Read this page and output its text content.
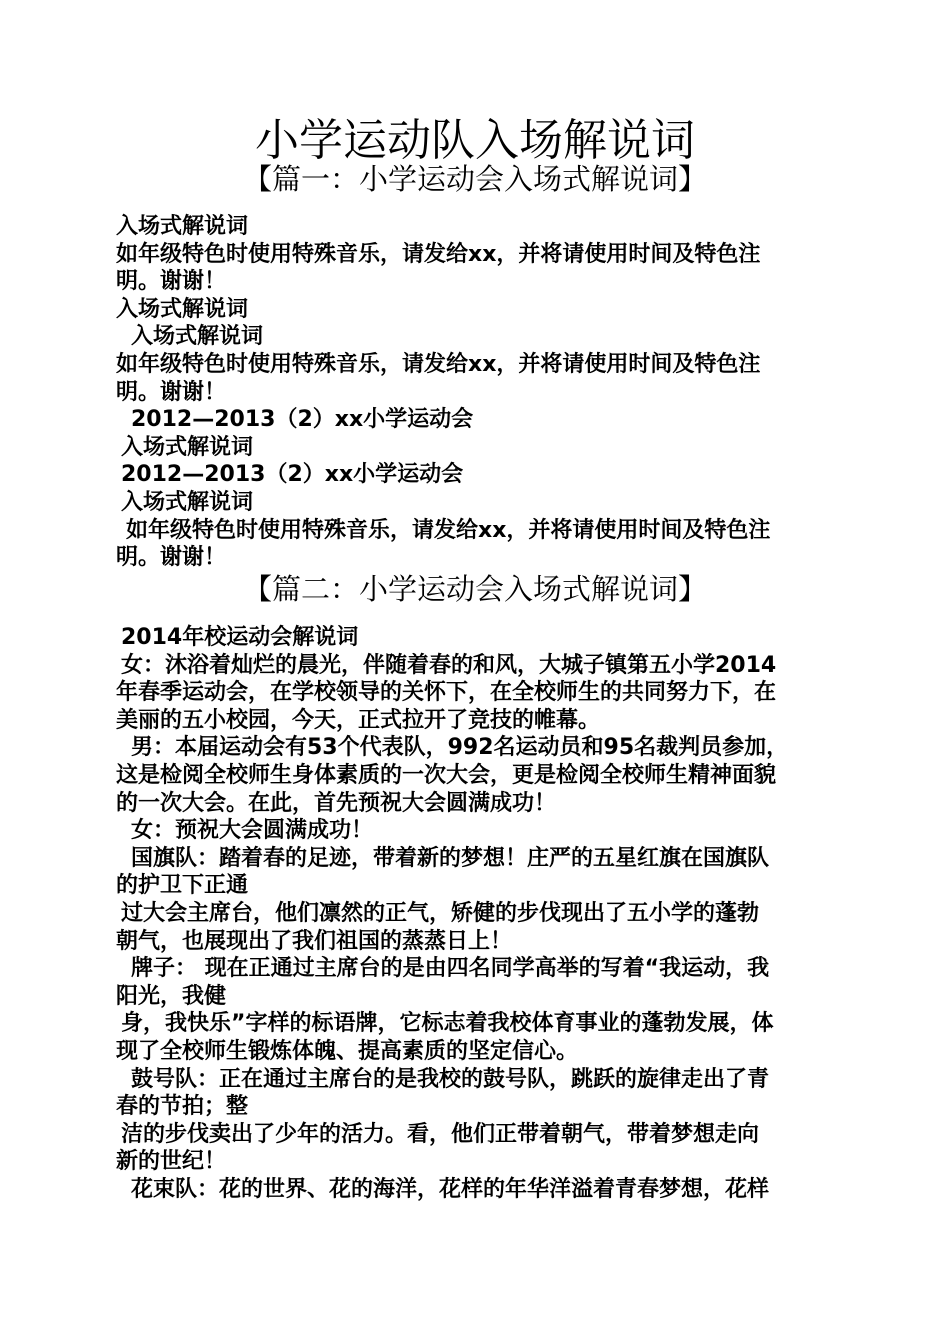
小学运动队入场解说词
【篇一：小学运动会入场式解说词】
入场式解说词
如年级特色时使用特殊音乐，请发给xx，并将请使用时间及特色注
明。谢谢！
入场式解说词
入场式解说词
如年级特色时使用特殊音乐，请发给xx，并将请使用时间及特色注
明。谢谢！
2012—2013（2）xx小学运动会
入场式解说词
2012—2013（2）xx小学运动会
入场式解说词
如年级特色时使用特殊音乐，请发给xx，并将请使用时间及特色注
明。谢谢！
【篇二：小学运动会入场式解说词】
2014年校运动会解说词
女：沐浴着灿烂的晨光，伴随着春的和风，大城子镇第五小学2014
年春季运动会，在学校领导的关怀下，在全校师生的共同努力下，在
美丽的五小校园，今天，正式拉开了竞技的帷幕。
男：本届运动会有53个代表队，992名运动员和95名裁判员参加，
这是检阅全校师生身体素质的一次大会，更是检阅全校师生精神面貌
的一次大会。在此，首先预祝大会圆满成功！
女：预祝大会圆满成功！
国旗队：踏着春的足迹，带着新的梦想！庄严的五星红旗在国旗队
的护卫下正通
过大会主席台，他们凛然的正气，矫健的步伐现出了五小学的蓬勃
朝气，也展现出了我们祖国的蒸蒸日上！
牌子： 现在正通过主席台的是由四名同学高举的写着“我运动，我
阳光，我健
身，我快乐”字样的标语牌，它标志着我校体育事业的蓬勃发展，体
现了全校师生锻炼体魄、提高素质的坚定信心。
鼓号队：正在通过主席台的是我校的鼓号队，跳跃的旋律走出了青
春的节拍；整
洁的步伐卖出了少年的活力。看，他们正带着朝气，带着梦想走向
新的世纪！
花束队：花的世界、花的海洋，花样的年华洋溢着青春梦想，花样
